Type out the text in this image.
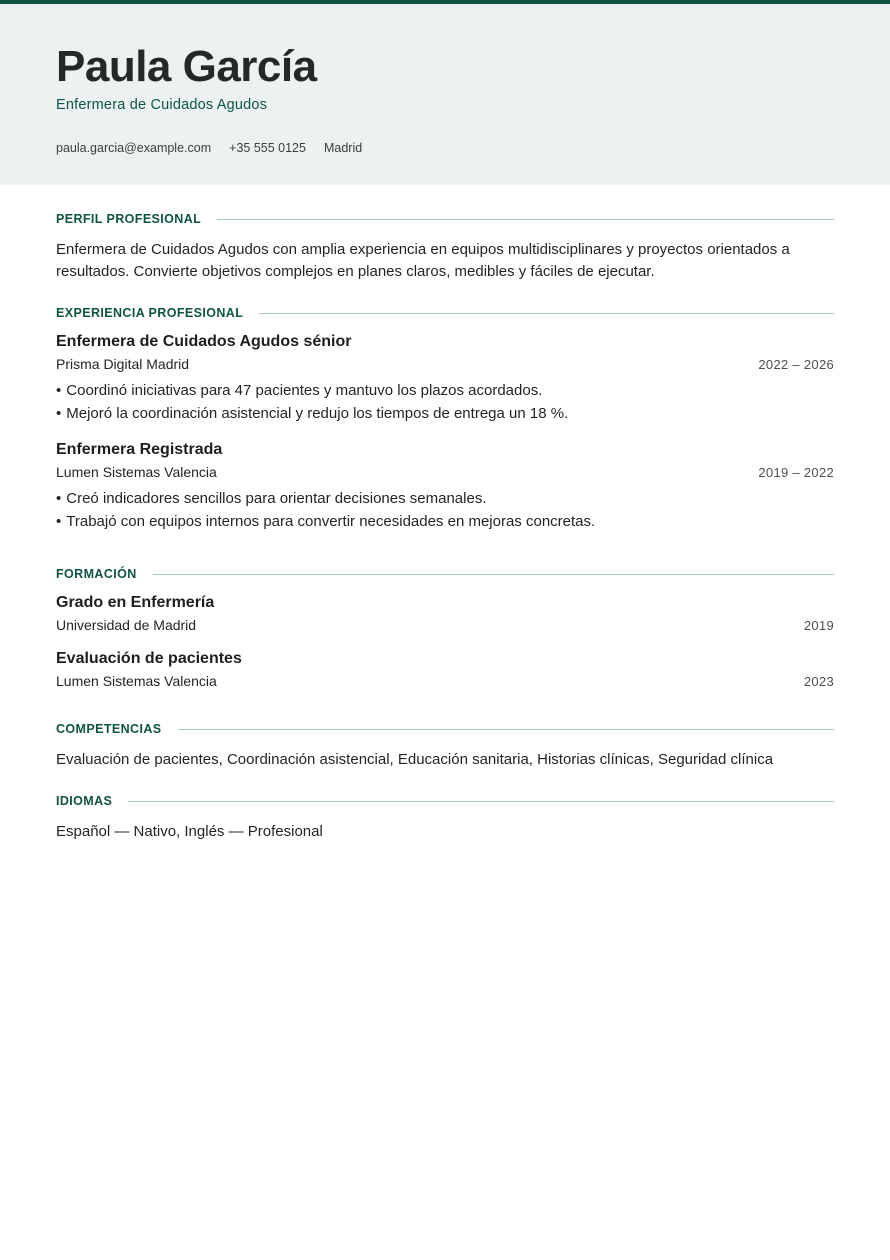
Paula García
Enfermera de Cuidados Agudos
paula.garcia@example.com +35 555 0125 Madrid
PERFIL PROFESIONAL
Enfermera de Cuidados Agudos con amplia experiencia en equipos multidisciplinares y proyectos orientados a resultados. Convierte objetivos complejos en planes claros, medibles y fáciles de ejecutar.
EXPERIENCIA PROFESIONAL
Enfermera de Cuidados Agudos sénior
Prisma Digital Madrid	2022 – 2026
• Coordinó iniciativas para 47 pacientes y mantuvo los plazos acordados.
• Mejoró la coordinación asistencial y redujo los tiempos de entrega un 18 %.
Enfermera Registrada
Lumen Sistemas Valencia	2019 – 2022
• Creó indicadores sencillos para orientar decisiones semanales.
• Trabajó con equipos internos para convertir necesidades en mejoras concretas.
FORMACIÓN
Grado en Enfermería
Universidad de Madrid	2019
Evaluación de pacientes
Lumen Sistemas Valencia	2023
COMPETENCIAS
Evaluación de pacientes, Coordinación asistencial, Educación sanitaria, Historias clínicas, Seguridad clínica
IDIOMAS
Español — Nativo, Inglés — Profesional
